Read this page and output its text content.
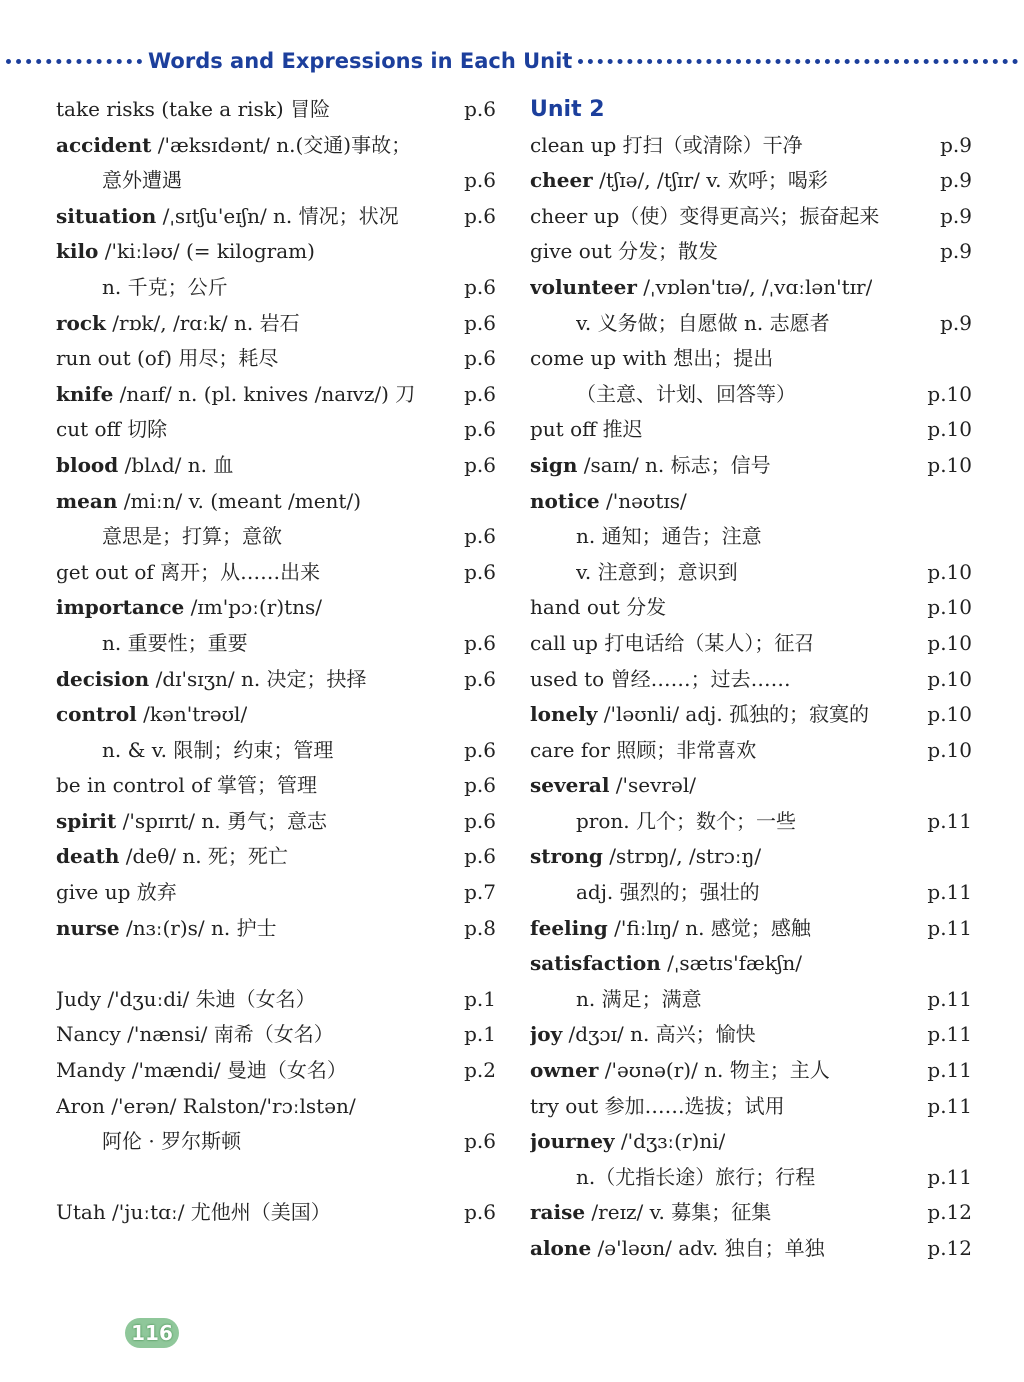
Words and Expressions in Each Unit
take risks (take a risk) 冒险	p.6
accident /'æksɪdənt/ n.(交通)事故；
意外遭遇	p.6
situation /ˌsɪtʃu'eɪʃn/ n. 情况；状况	p.6
kilo /'kiːləʊ/ (= kilogram)
n. 千克；公斤	p.6
rock /rɒk/, /rɑːk/ n. 岩石	p.6
run out (of) 用尽；耗尽	p.6
knife /naɪf/ n. (pl. knives /naɪvz/) 刀 p.6
cut off 切除	p.6
blood /blʌd/ n. 血	p.6
mean /miːn/ v. (meant /ment/)
意思是；打算；意欲	p.6
get out of 离开；从……出来	p.6
importance /ɪm'pɔː(r)tns/
n. 重要性；重要	p.6
decision /dɪ'sɪʒn/ n. 决定；抉择	p.6
control /kən'trəʊl/
n. & v. 限制；约束；管理	p.6
be in control of 掌管；管理	p.6
spirit /'spɪrɪt/ n. 勇气；意志	p.6
death /deθ/ n. 死；死亡	p.6
give up 放弃	p.7
nurse /nɜː(r)s/ n. 护士	p.8
Judy /'dʒuːdi/ 朱迪（女名）	p.1
Nancy /'nænsi/ 南希（女名）	p.1
Mandy /'mændi/ 曼迪（女名）	p.2
Aron /'erən/ Ralston/'rɔːlstən/
阿伦 · 罗尔斯顿	p.6
Utah /'juːtɑː/ 尤他州（美国）	p.6
Unit 2
clean up 打扫（或清除）干净	p.9
cheer /tʃɪə/, /tʃɪr/ v. 欢呼；喝彩	p.9
cheer up（使）变得更高兴；振奋起来	p.9
give out 分发；散发	p.9
volunteer /ˌvɒlən'tɪə/, /ˌvɑːlən'tɪr/
v. 义务做；自愿做 n. 志愿者	p.9
come up with 想出；提出
（主意、计划、回答等）	p.10
put off 推迟	p.10
sign /saɪn/ n. 标志；信号	p.10
notice /'nəʊtɪs/
n. 通知；通告；注意
v. 注意到；意识到	p.10
hand out 分发	p.10
call up 打电话给（某人）；征召	p.10
used to 曾经……；过去……	p.10
lonely /'ləʊnli/ adj. 孤独的；寂寞的	p.10
care for 照顾；非常喜欢	p.10
several /'sevrəl/
pron. 几个；数个；一些	p.11
strong /strɒŋ/, /strɔːŋ/
adj. 强烈的；强壮的	p.11
feeling /'fiːlɪŋ/ n. 感觉；感触	p.11
satisfaction /ˌsætɪs'fækʃn/
n. 满足；满意	p.11
joy /dʒɔɪ/ n. 高兴；愉快	p.11
owner /'əʊnə(r)/ n. 物主；主人	p.11
try out 参加……选拔；试用	p.11
journey /'dʒɜː(r)ni/
n.（尤指长途）旅行；行程	p.11
raise /reɪz/ v. 募集；征集	p.12
alone /ə'ləʊn/ adv. 独自；单独	p.12
116
